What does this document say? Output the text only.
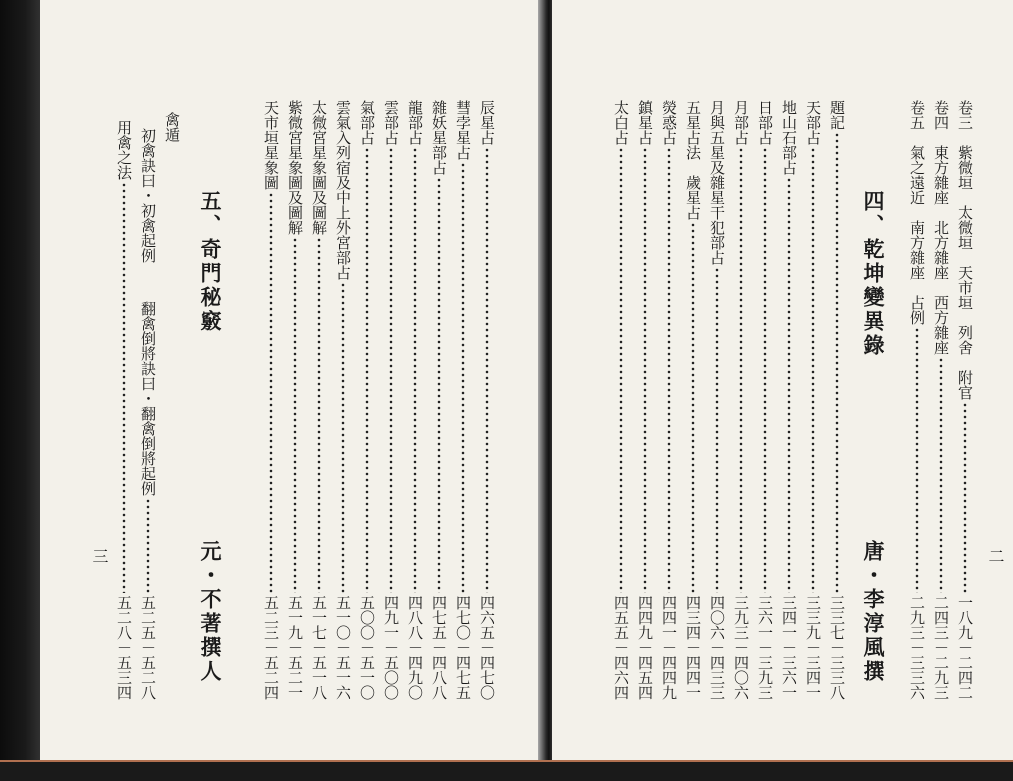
辰星占
四六五－四七〇
彗孛星占
四七〇－四七五
雜妖星部占
四七五－四八八
龍部占
四八八－四九〇
雲部占
四九一－五〇〇
氣部占
五〇〇－五一〇
雲氣入列宿及中上外宮部占
五一〇－五一六
太微宮星象圖及圖解
五一七－五一八
紫微宮星象圖及圖解
五一九－五二一
天市垣星象圖
五二三－五二四
五、奇門秘竅
元・不著撰人
禽遁
初禽訣曰・初禽起例
翻禽倒將訣曰・翻禽倒將起例
五二五－五二八
用禽之法
五二八－五三四
三	二
卷三　紫微垣　太微垣　天市垣　列舍　附官
一八九－二四二
卷四　東方雜座　北方雜座　西方雜座
二四三－二九三
卷五　氣之遠近　南方雜座　占例
二九三－三三六
四、乾坤變異錄
唐・李淳風撰
題記
三三七－三三八
天部占
三三九－三四一
地山石部占
三四一－三六一
日部占
三六一－三九三
月部占
三九三－四〇六
月與五星及雜星干犯部占
四〇六－四三三
五星占法　歲星占
四三四－四四一
熒惑占
四四一－四四九
鎮星占
四四九－四五四
太白占
四五五－四六四
